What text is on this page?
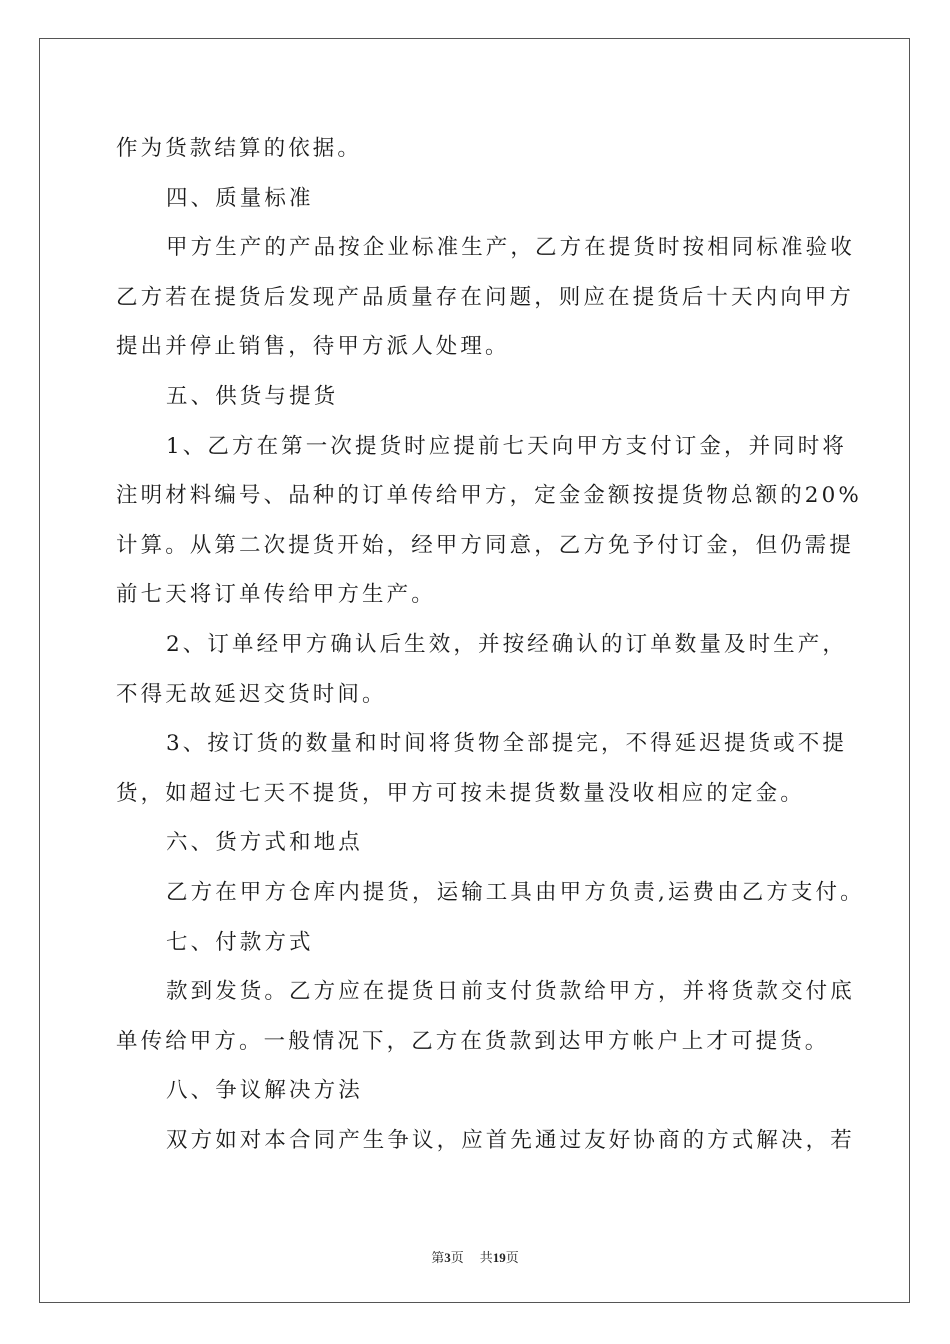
作为货款结算的依据。
四、质量标准
甲方生产的产品按企业标准生产，乙方在提货时按相同标准验收
乙方若在提货后发现产品质量存在问题，则应在提货后十天内向甲方
提出并停止销售，待甲方派人处理。
五、供货与提货
1、乙方在第一次提货时应提前七天向甲方支付订金，并同时将
注明材料编号、品种的订单传给甲方，定金金额按提货物总额的20%
计算。从第二次提货开始，经甲方同意，乙方免予付订金，但仍需提
前七天将订单传给甲方生产。
2、订单经甲方确认后生效，并按经确认的订单数量及时生产，
不得无故延迟交货时间。
3、按订货的数量和时间将货物全部提完，不得延迟提货或不提
货，如超过七天不提货，甲方可按未提货数量没收相应的定金。
六、货方式和地点
乙方在甲方仓库内提货，运输工具由甲方负责,运费由乙方支付。
七、付款方式
款到发货。乙方应在提货日前支付货款给甲方，并将货款交付底
单传给甲方。一般情况下，乙方在货款到达甲方帐户上才可提货。
八、争议解决方法
双方如对本合同产生争议，应首先通过友好协商的方式解决，若
第3页 共19页
